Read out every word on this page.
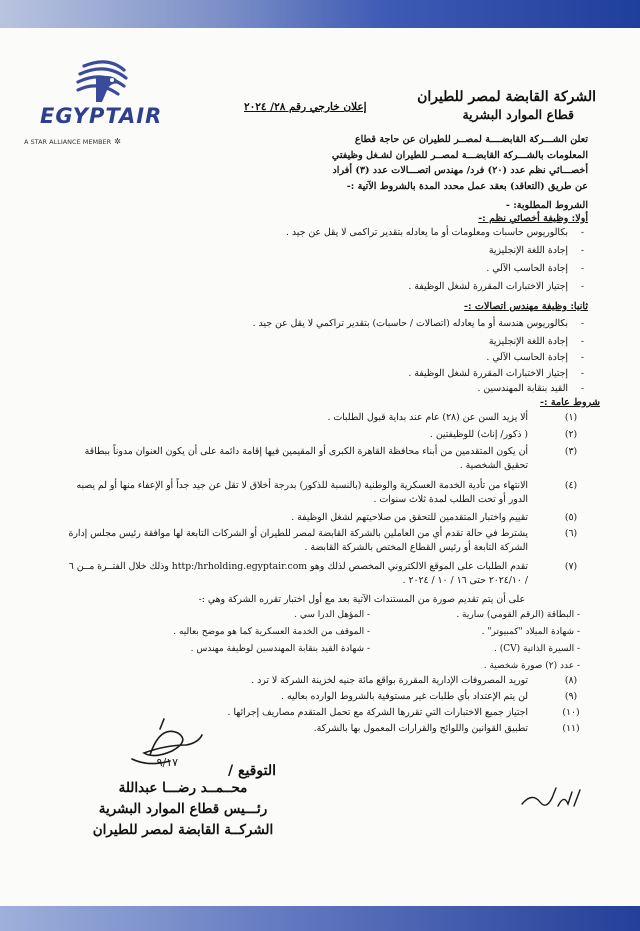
EGYPTAIR
A STAR ALLIANCE MEMBER ✲
الشركة القابضة لمصر للطيران
قطاع الموارد البشرية
إعلان خارجي رقم ٢٨/ ٢٠٢٤

تعلن الشـــركة القابضــــة لمصــر للطيران عن حاجة قطاع

المعلومات بالشـــركة القابضـــة لمصــر للطيران لشـغل وظيفتي

أخصـــائي نظم عدد (٢٠) فرد/ مهندس اتصـــالات عدد (٣) أفراد

عن طريق (التعاقد) بعقد عمل محدد المدة بالشروط الآتية :-

الشروط المطلوبة: -
أولا: وظيفة أخصائي نظم :-
-
بكالوريوس حاسبات ومعلومات أو ما يعادله بتقدير تراكمى لا يقل عن جيد .
-
إجادة اللغة الإنجليزية
-
إجادة الحاسب الآلي .
-
إجتياز الاختبارات المقررة لشغل الوظيفة .
ثانيا: وظيفة مهندس اتصالات :-
-
بكالوريوس هندسة أو ما يعادله (اتصالات / حاسبات) بتقدير تراكمي لا يقل عن جيد .
-
إجادة اللغة الإنجليزية
-
إجادة الحاسب الآلي .
-
إجتياز الاختبارات المقررة لشغل الوظيفة .
-
القيد بنقابة المهندسين .
شروط عامة :-
(١)
ألا يزيد السن عن (٢٨) عام عند بداية قبول الطلبات .
(٢)
( ذكور/ إناث) للوظيفتين .
(٣)
أن يكون المتقدمين من أبناء محافظة القاهرة الكبرى أو المقيمين فيها إقامة دائمة على أن يكون العنوان مدوناً ببطاقة تحقيق الشخصية .
(٤)
الانتهاء من تأدية الخدمة العسكرية والوطنية (بالنسبة للذكور) بدرجة أخلاق لا تقل عن جيد جداً أو الإعفاء منها أو لم يصبه الدور أو تحت الطلب لمدة ثلاث سنوات .
(٥)
تقييم واختبار المتقدمين للتحقق من صلاحيتهم لشغل الوظيفة .
(٦)
يشترط في حالة تقدم أي من العاملين بالشركة القابضة لمصر للطيران أو الشركات التابعة لها موافقة رئيس مجلس إدارة الشركة التابعة أو رئيس القطاع المختص بالشركة القابضة .
(٧)
تقدم الطلبات على الموقع الالكتروني المخصص لذلك وهو http:/hrholding.egyptair.com وذلك خلال الفتــرة مــن ٦ / ٢٠٢٤/١٠ حتى ١٦ / ١٠ / ٢٠٢٤ .
على أن يتم تقديم صورة من المستندات الآتية بعد مع أول اختبار تقرره الشركة وهي :-
- البطاقة (الرقم القومي) سارية .
- المؤهل الدرا سي .
- شهادة الميلاد "كمبيوتر" .
- الموقف من الخدمة العسكرية كما هو موضح بعاليه .
- السيرة الذاتية (CV) .
- شهادة القيد بنقابة المهندسين لوظيفة مهندس .
- عدد (٢) صورة شخصية .
(٨)
توريد المصروفات الإدارية المقررة بواقع مائة جنيه لخزينة الشركة لا ترد .
(٩)
لن يتم الإعتداد بأي طلبات غير مستوفية بالشروط الوارده بعاليه .
(١٠)
اجتياز جميع الاختبارات التي تقررها الشركة مع تحمل المتقدم مصاريف إجرائها .
(١١)
تطبيق القوانين واللوائح والقرارات المعمول بها بالشركة.
٩/١٧
التوقيع /

محــمــد رضـــا عبداللة

رئـــيس قطاع الموارد البشرية

الشركــة القابضة لمصر للطيران
